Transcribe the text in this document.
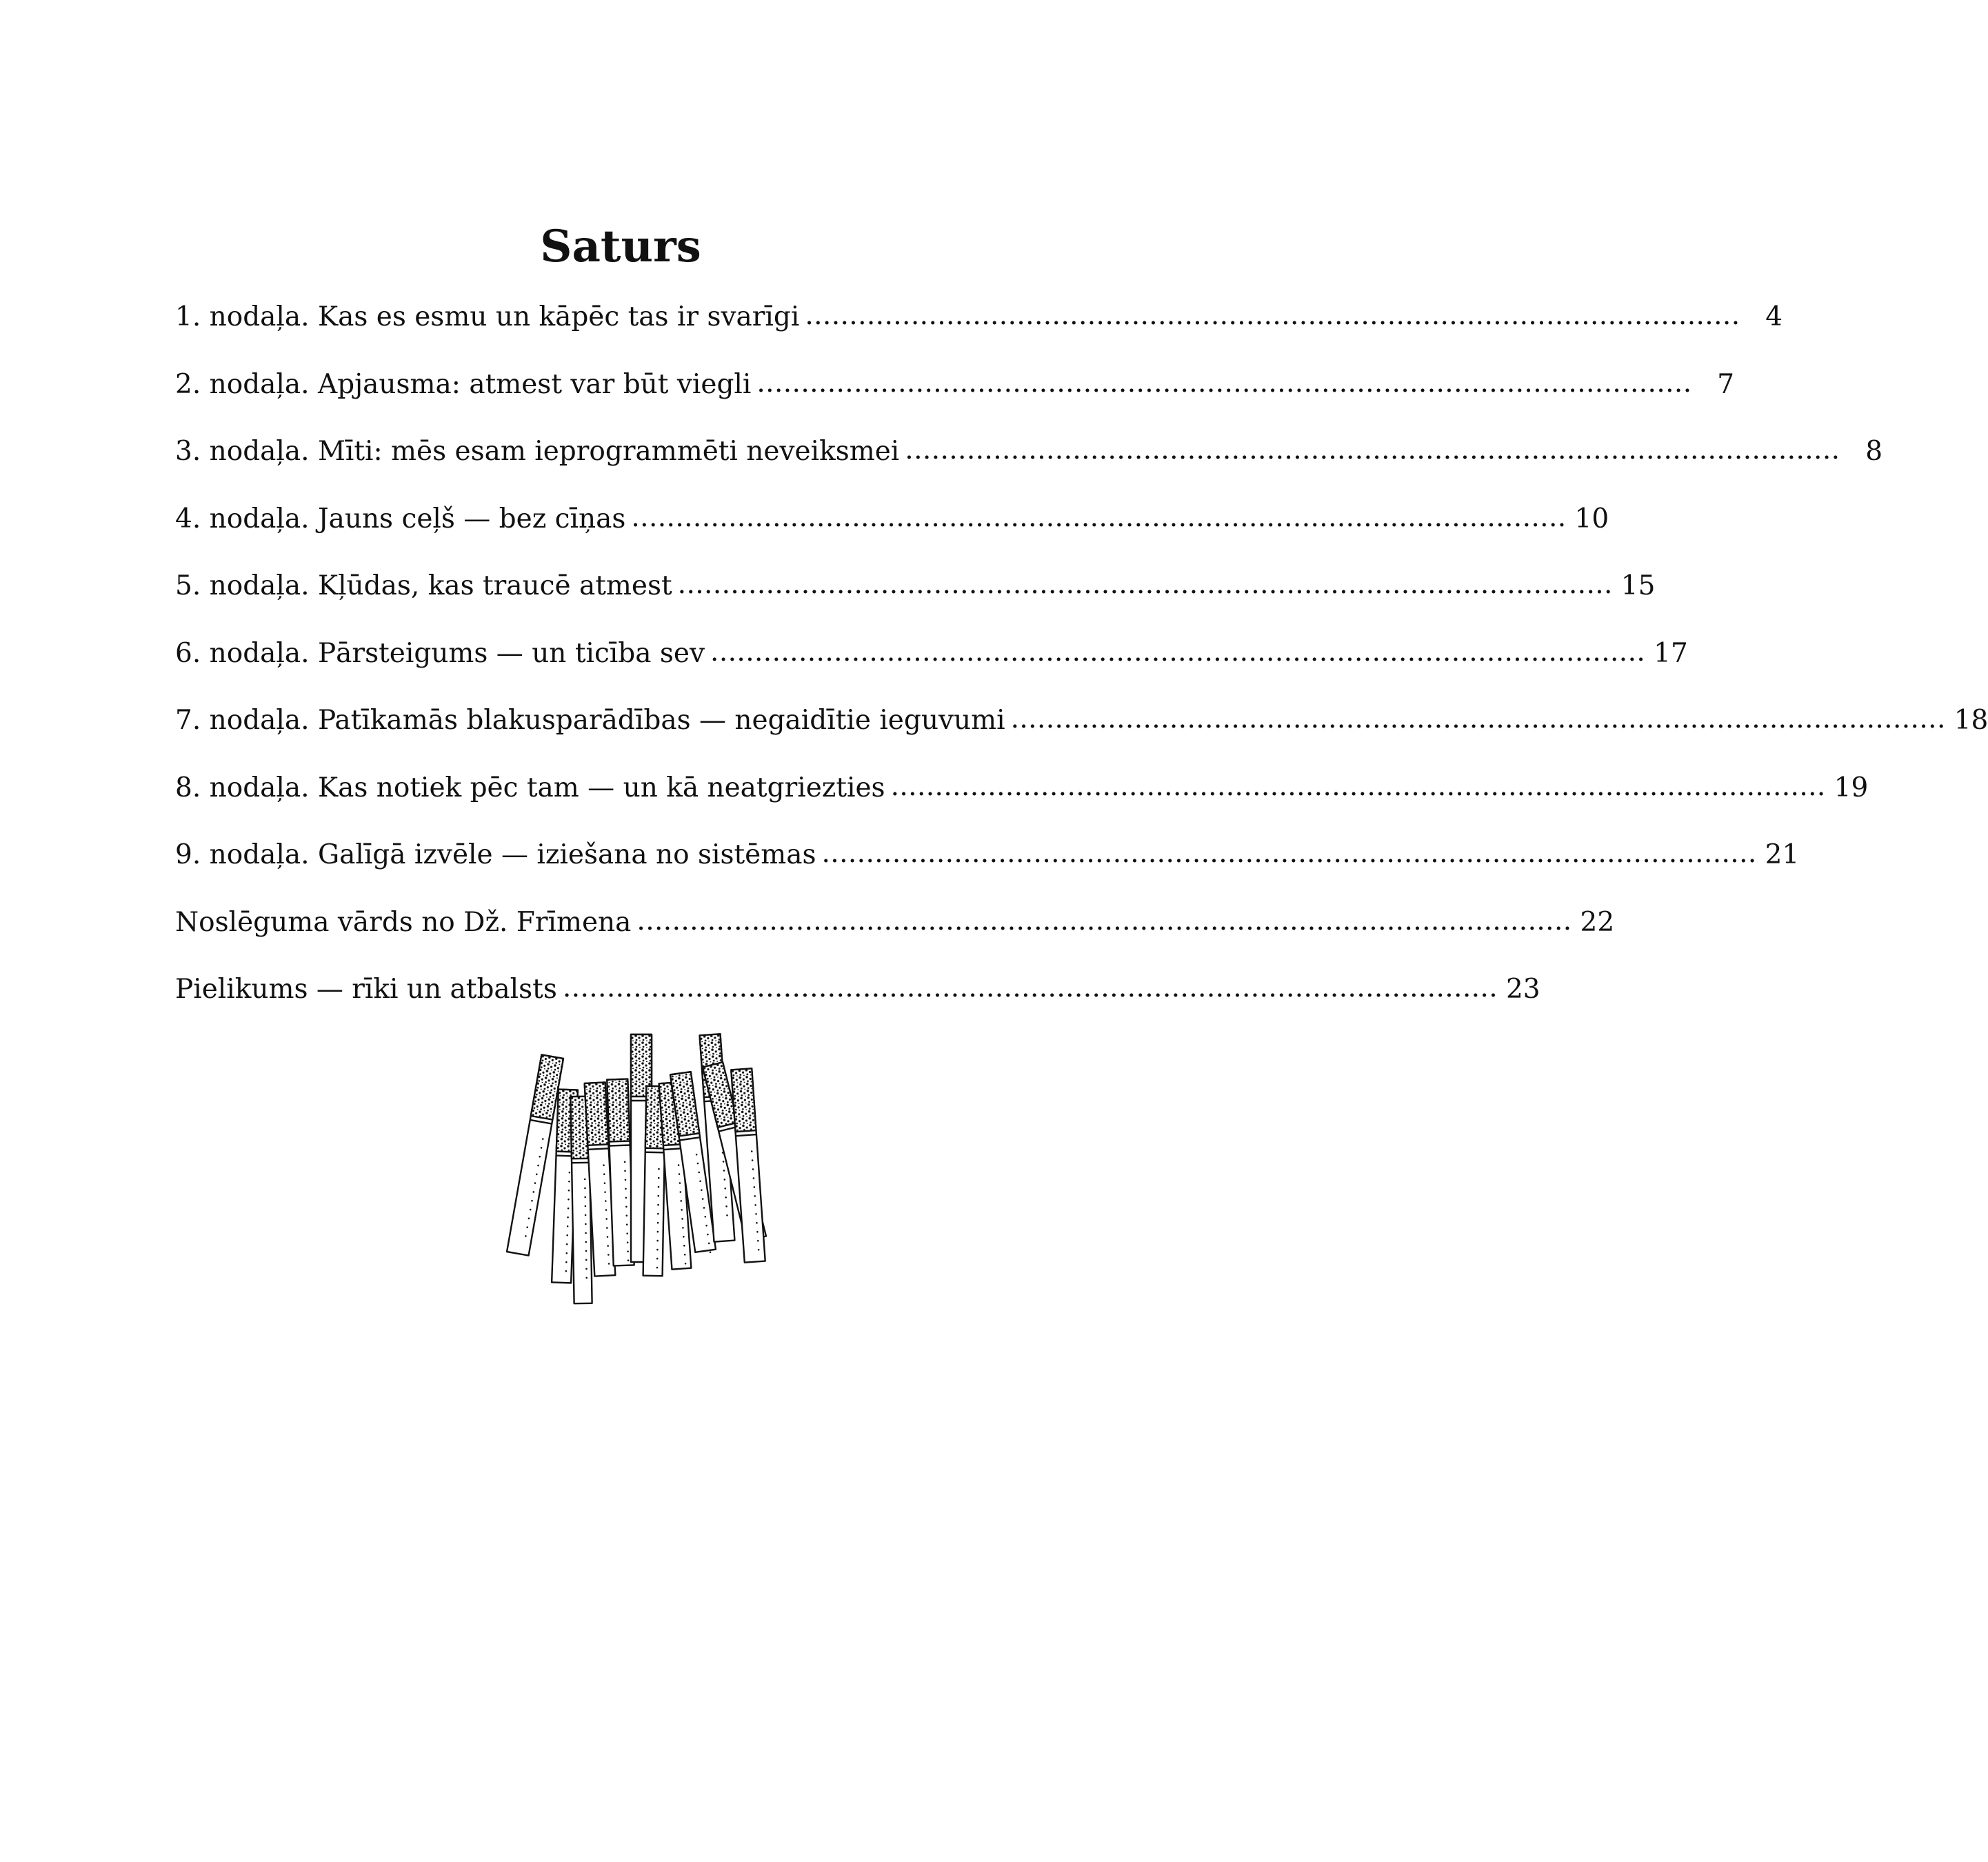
Saturs
1. nodaļa. Kas es esmu un kāpēc tas ir svarīgi . . .	4
2. nodaļa. Apjausma: atmest var būt viegli . . .	7
3. nodaļa. Mīti: mēs esam ieprogrammēti neveiksmei . . .	8
4. nodaļa. Jauns ceļš — bez cīņas . . .	10
5. nodaļa. Kļūdas, kas traucē atmest . . .	15
6. nodaļa. Pārsteigums — un ticība sev . . .	17
7. nodaļa. Patīkamās blakusparādības — negaidītie ieguvumi . . .	18
8. nodaļa. Kas notiek pēc tam — un kā neatgriezties . . .	19
9. nodaļa. Galīgā izvēle — iziešana no sistēmas . . .	21
Noslēguma vārds no Dž. Frīmena . . .	22
Pielikums — rīki un atbalsts . . .	23
